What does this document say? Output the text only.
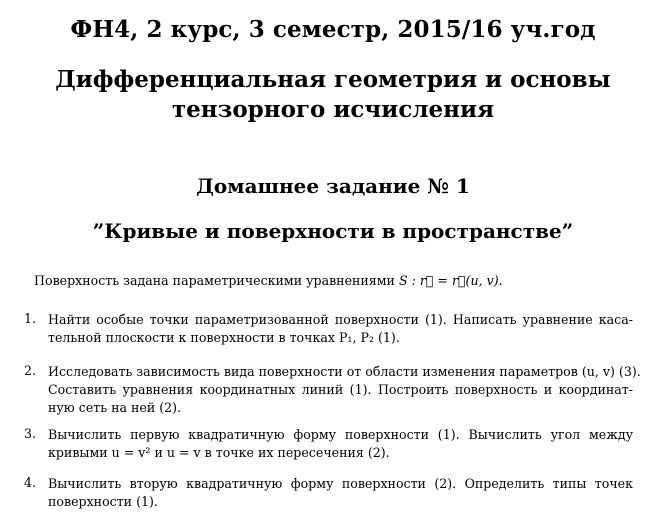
ФН4, 2 курс, 3 семестр, 2015/16 уч.год
Дифференциальная геометрия и основы
тензорного исчисления
Домашнее задание № 1
”Кривые и поверхности в пространстве”
Поверхность задана параметрическими уравнениями S : r⃗ = r⃗(u, v).
1. Найти особые точки параметризованной поверхности (1). Написать уравнение каса-
тельной плоскости к поверхности в точках P₁, P₂ (1).
2. Исследовать зависимость вида поверхности от области изменения параметров (u, v) (3).
Составить уравнения координатных линий (1). Построить поверхность и координат-
ную сеть на ней (2).
3. Вычислить первую квадратичную форму поверхности (1). Вычислить угол между
кривыми u = v² и u = v в точке их пересечения (2).
4. Вычислить вторую квадратичную форму поверхности (2). Определить типы точек
поверхности (1).
